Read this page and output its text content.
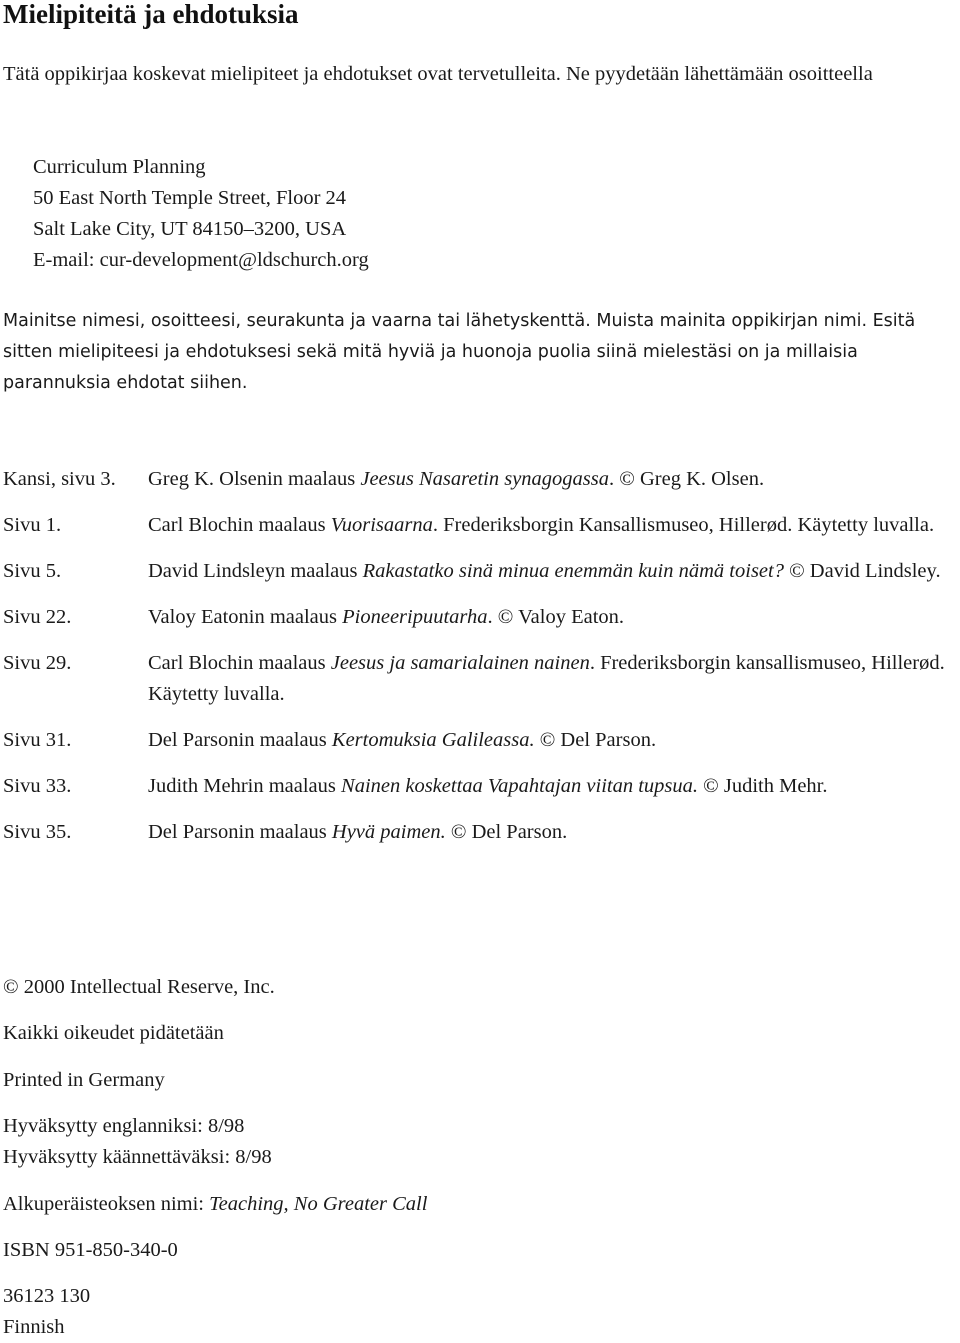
Mielipiteitä ja ehdotuksia

Tätä oppikirjaa koskevat mielipiteet ja ehdotukset ovat tervetulleita. Ne pyydetään lähettämään osoitteella

Curriculum Planning
50 East North Temple Street, Floor 24
Salt Lake City, UT 84150–3200, USA
E-mail: cur-development@ldschurch.org

Mainitse nimesi, osoitteesi, seurakunta ja vaarna tai lähetyskenttä. Muista mainita oppikirjan nimi. Esitä sitten mielipiteesi ja ehdotuksesi sekä mitä hyviä ja huonoja puolia siinä mielestäsi on ja millaisia parannuksia ehdotat siihen.

Kansi, sivu 3.	Greg K. Olsenin maalaus Jeesus Nasaretin synagogassa. © Greg K. Olsen.
Sivu 1.	Carl Blochin maalaus Vuorisaarna. Frederiksborgin Kansallismuseo, Hillerød. Käytetty luvalla.
Sivu 5.	David Lindsleyn maalaus Rakastatko sinä minua enemmän kuin nämä toiset? © David Lindsley.
Sivu 22.	Valoy Eatonin maalaus Pioneeripuutarha. © Valoy Eaton.
Sivu 29.	Carl Blochin maalaus Jeesus ja samarialainen nainen. Frederiksborgin kansallismuseo, Hillerød. Käytetty luvalla.
Sivu 31.	Del Parsonin maalaus Kertomuksia Galileassa. © Del Parson.
Sivu 33.	Judith Mehrin maalaus Nainen koskettaa Vapahtajan viitan tupsua. © Judith Mehr.
Sivu 35.	Del Parsonin maalaus Hyvä paimen. © Del Parson.
© 2000 Intellectual Reserve, Inc.
Kaikki oikeudet pidätetään
Printed in Germany
Hyväksytty englanniksi: 8/98
Hyväksytty käännettäväksi: 8/98
Alkuperäisteoksen nimi: Teaching, No Greater Call
ISBN 951-850-340-0
36123 130
Finnish
